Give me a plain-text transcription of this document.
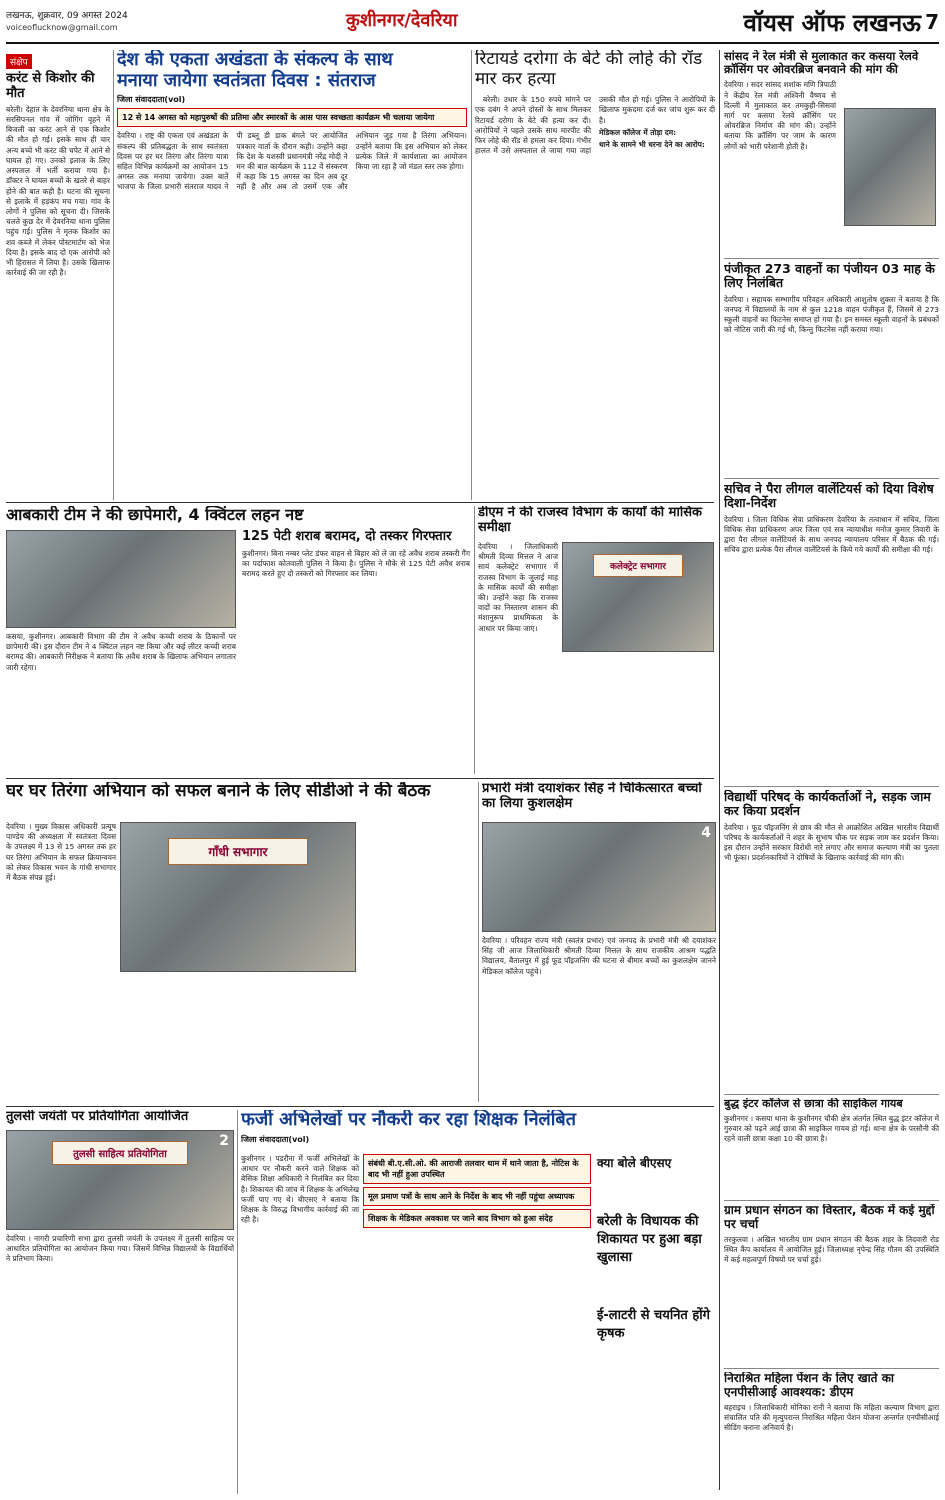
लखनऊ, शुक्रवार, 09 अगस्त 2024
voiceoflucknow@gmail.com	कुशीनगर/देवरिया	वॉयस ऑफ लखनऊ 7
संक्षेप
करंट से किशोर की मौत
बरेली। देहात के देवरनिया थाना क्षेत्र के सरसिपनल गांव में जोगिंग वृहने में बिजली का करंट आने से एक किशोर की मौत हो गई। इसके साथ ही चार अन्य बच्चे भी करंट की चपेट में आने से घायल हो गए। उनको इलाज के लिए अस्पताल में भर्ती कराया गया है। डॉक्टर ने घायल बच्चों के खतरे से बाहर होने की बात कही है। घटना की सूचना से इलाके में हड़कंप मच गया। गांव के लोगों ने पुलिस को सूचना दी। जिसके चलते कुछ देर में देवरनिया थाना पुलिस पहुंच गई। पुलिस ने मृतक किशोर का शव कब्जे में लेकर पोस्टमार्टम को भेज दिया है। इसके बाद दो एक आरोपी को भी हिरासत में लिया है। उसके खिलाफ कार्रवाई की जा रही है।
देश की एकता अखंडता के संकल्प के साथ
मनाया जायेगा स्वतंत्रता दिवस : संतराज
जिला संवाददाता(vol)
12 से 14 अगस्त को महापुरुषों की प्रतिमा और स्मारकों के आस पास स्वच्छता कार्यक्रम भी चलाया जायेगा
देवरिया । राष्ट्र की एकता एवं अखंडता के संकल्प की प्रतिबद्धता के साथ स्वतंत्रता दिवस पर हर घर तिरंगा और तिरंगा यात्रा सहित विभिन्न कार्यक्रमों का आयोजन 15 अगस्त तक मनाया जायेगा। उक्त बातें भाजपा के जिला प्रभारी संतराज यादव ने पी डब्लू डी डाक बंगले पर आयोजित पत्रकार वार्ता के दौरान कही। उन्होंने कहा कि देश के यशस्वी प्रधानमंत्री नरेंद्र मोदी ने मन की बात कार्यक्रम के 112 वें संस्करण में कहा कि 15 अगस्त का दिन अब दूर नहीं है और अब तो उसमें एक और अभियान जुड़ गया है तिरंगा अभियान। उन्होंने बताया कि इस अभियान को लेकर प्रत्येक जिले में कार्यशाला का आयोजन किया जा रहा है जो मंडल स्तर तक होगा।
रिटायर्ड दरोगा के बेटे की लोहे की रॉड मार कर हत्या

बरेली। उधार के 150 रुपये मांगने पर एक दबंग ने अपने दोस्तों के साथ मिलकर रिटायर्ड दरोगा के बेटे की हत्या कर दी। आरोपियों ने पहले उसके साथ मारपीट की फिर लोहे की रॉड से हमला कर दिया। गंभीर हालत में उसे अस्पताल ले जाया गया जहां उसकी मौत हो गई। पुलिस ने आरोपियों के खिलाफ मुकदमा दर्ज कर जांच शुरू कर दी है।

मेडिकल कॉलेज में तोड़ा दम:

थाने के सामने भी धरना देने का आरोप:

सांसद ने रेल मंत्री से मुलाकात कर कसया रेलवे क्रॉसिंग पर ओवरब्रिज बनवाने की मांग की
देवरिया । सदर सांसद शशांक मणि त्रिपाठी ने केंद्रीय रेल मंत्री अश्विनी वैष्णव से दिल्ली में मुलाकात कर तमकुही-सिसवां मार्ग पर कसया रेलवे क्रॉसिंग पर ओवरब्रिज निर्माण की मांग की। उन्होंने बताया कि क्रॉसिंग पर जाम के कारण लोगों को भारी परेशानी होती है।
पंजीकृत 273 वाहनों का पंजीयन 03 माह के लिए निलंबित
देवरिया । सहायक सम्भागीय परिवहन अधिकारी आशुतोष शुक्ला ने बताया है कि जनपद में विद्यालयों के नाम से कुल 1218 वाहन पंजीकृत हैं, जिसमें से 273 स्कूली वाहनों का फिटनेस समाप्त हो गया है। इन समस्त स्कूली वाहनों के प्रबंधकों को नोटिस जारी की गई थी, किन्तु फिटनेस नहीं कराया गया।
सचिव ने पैरा लीगल वालेंटियर्स को दिया विशेष दिशा-निर्देश
देवरिया । जिला विधिक सेवा प्राधिकरण देवरिया के तत्वाधान में सचिव, जिला विधिक सेवा प्राधिकरण अपर जिला एवं सत्र न्यायाधीश मनोज कुमार तिवारी के द्वारा पैरा लीगल वालेंटियर्स के साथ जनपद न्यायालय परिसर में बैठक की गई। सचिव द्वारा प्रत्येक पैरा लीगल वालेंटियर्स के किये गये कार्यों की समीक्षा की गई।
विद्यार्थी परिषद के कार्यकर्ताओं ने, सड़क जाम कर किया प्रदर्शन
देवरिया । फूड पॉइजनिंग से छात्र की मौत से आक्रोशित अखिल भारतीय विद्यार्थी परिषद के कार्यकर्ताओं ने शहर के सुभाष चौक पर सड़क जाम कर प्रदर्शन किया। इस दौरान उन्होंने सरकार विरोधी नारे लगाए और समाज कल्याण मंत्री का पुतला भी फूंका। प्रदर्शनकारियों ने दोषियों के खिलाफ कार्रवाई की मांग की।
बुद्ध इंटर कॉलेज से छात्रा की साइकिल गायब
कुशीनगर । कसया थाना के कुशीनगर चौकी क्षेत्र अंतर्गत स्थित बुद्ध इंटर कॉलेज में गुरुवार को पढ़ने आई छात्रा की साइकिल गायब हो गई। थाना क्षेत्र के परसौनी की रहने वाली छात्रा कक्षा 10 की छात्रा है।
ग्राम प्रधान संगठन का विस्तार, बैठक में कई मुद्दों पर चर्चा
तरकुलवा । अखिल भारतीय ग्राम प्रधान संगठन की बैठक शहर के तिदवारी रोड स्थित कैंप कार्यालय में आयोजित हुई। जिलाध्यक्ष नृपेन्द्र सिंह गौतम की उपस्थिति में कई महत्वपूर्ण विषयों पर चर्चा हुई।
निराश्रित महिला पेंशन के लिए खाते का एनपीसीआई आवश्यक: डीएम
बहराइच । जिलाधिकारी मोनिका रानी ने बताया कि महिला कल्याण विभाग द्वारा संचालित पति की मृत्युपरान्त निराश्रित महिला पेंशन योजना अन्तर्गत एनपीसीआई सीडिंग कराना अनिवार्य है।
आबकारी टीम ने की छापेमारी, 4 क्विंटल लहन नष्ट
125 पेटी शराब बरामद, दो तस्कर गिरफ्तार
कुशीनगर। बिना नम्बर प्लेट डंफर वाहन से बिहार को ले जा रहे अवैध शराब तस्करी गैंग का पर्दाफाश कोतवाली पुलिस ने किया है। पुलिस ने मौके से 125 पेटी अवैध शराब बरामद करते हुए दो तस्करों को गिरफ्तार कर लिया।
कसया, कुशीनगर। आबकारी विभाग की टीम ने अवैध कच्ची शराब के ठिकानों पर छापेमारी की। इस दौरान टीम ने 4 क्विंटल लहन नष्ट किया और कई लीटर कच्ची शराब बरामद की। आबकारी निरीक्षक ने बताया कि अवैध शराब के खिलाफ अभियान लगातार जारी रहेगा।
डीएम ने की राजस्व विभाग के कार्यों की मासिक समीक्षा
देवरिया । जिलाधिकारी श्रीमती दिव्या मित्तल ने आज सायं कलेक्ट्रेट सभागार में राजस्व विभाग के जुलाई माह के मासिक कार्यों की समीक्षा की। उन्होंने कहा कि राजस्व वादों का निस्तारण शासन की मंशानुरूप प्राथमिकता के आधार पर किया जाए।
कलेक्ट्रेट सभागार
घर घर तिरंगा अभियान को सफल बनाने के लिए सीडीओ ने की बैठक
देवरिया । मुख्य विकास अधिकारी प्रत्यूष पाण्डेय की अध्यक्षता में स्वतंत्रता दिवस के उपलक्ष्य में 13 से 15 अगस्त तक हर घर तिरंगा अभियान के सफल क्रियान्वयन को लेकर विकास भवन के गांधी सभागार में बैठक संपन्न हुई।
गाँधी सभागार
प्रभारी मंत्री दयाशंकर सिंह ने चिकित्सारत बच्चों का लिया कुशलक्षेम
4
देवरिया । परिवहन राज्य मंत्री (स्वतंत्र प्रभार) एवं जनपद के प्रभारी मंत्री श्री दयाशंकर सिंह जी आज जिलाधिकारी श्रीमती दिव्या मित्तल के साथ राजकीय आश्रम पद्धति विद्यालय, बैतालपुर में हुई फूड पॉइजनिंग की घटना से बीमार बच्चों का कुशलक्षेम जानने मेडिकल कॉलेज पहुंचे।
तुलसी जयंती पर प्रतियोगिता आयोजित
तुलसी साहित्य प्रतियोगिता
2
देवरिया । नागरी प्रचारिणी सभा द्वारा तुलसी जयंती के उपलक्ष्य में तुलसी साहित्य पर आधारित प्रतियोगिता का आयोजन किया गया। जिसमें विभिन्न विद्यालयों के विद्यार्थियों ने प्रतिभाग किया।
फर्जी अभिलेखों पर नौकरी कर रहा शिक्षक निलंबित
जिला संवाददाता(vol)
कुशीनगर । पडरौना में फर्जी अभिलेखों के आधार पर नौकरी करने वाले शिक्षक को बेसिक शिक्षा अधिकारी ने निलंबित कर दिया है। शिकायत की जांच में शिक्षक के अभिलेख फर्जी पाए गए थे। बीएसए ने बताया कि शिक्षक के विरुद्ध विभागीय कार्रवाई की जा रही है।
संबंधी बी.ए.सी.ओ. की आराजी तलवार थाम में थाने जाता है, नोटिस के बाद भी नहीं हुआ उपस्थित
मूल प्रमाण पत्रों के साथ आने के निर्देश के बाद भी नहीं पहुंचा अध्यापक
शिक्षक के मेडिकल अवकाश पर जाने बाद विभाग को हुआ संदेह
क्या बोले बीएसए
बरेली के विधायक की शिकायत पर हुआ बड़ा खुलासा
ई-लाटरी से चयनित होंगे कृषक
